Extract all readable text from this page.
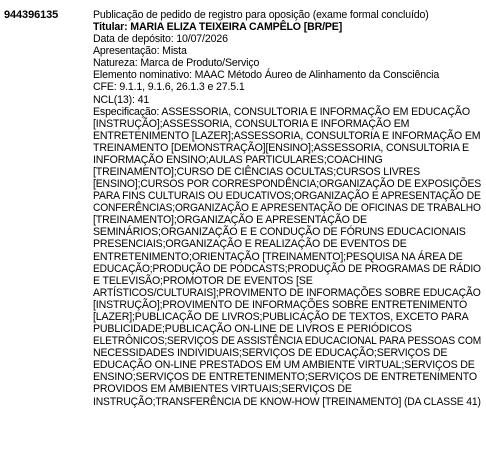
944396135	Publicação de pedido de registro para oposição (exame formal concluído)
Titular: MARIA ELIZA TEIXEIRA CAMPÊLO [BR/PE]
Data de depósito: 10/07/2026
Apresentação: Mista
Natureza: Marca de Produto/Serviço
Elemento nominativo: MAAC Método Áureo de Alinhamento da Consciência
CFE: 9.1.1, 9.1.6, 26.1.3 e 27.5.1
NCL(13): 41
Especificação: ASSESSORIA, CONSULTORIA E INFORMAÇÃO EM EDUCAÇÃO
[INSTRUÇÃO];ASSESSORIA, CONSULTORIA E INFORMAÇÃO EM
ENTRETENIMENTO [LAZER];ASSESSORIA, CONSULTORIA E INFORMAÇÃO EM
TREINAMENTO [DEMONSTRAÇÃO][ENSINO];ASSESSORIA, CONSULTORIA E
INFORMAÇÃO ENSINO;AULAS PARTICULARES;COACHING
[TREINAMENTO];CURSO DE CIÊNCIAS OCULTAS;CURSOS LIVRES
[ENSINO];CURSOS POR CORRESPONDÊNCIA;ORGANIZAÇÃO DE EXPOSIÇÕES
PARA FINS CULTURAIS OU EDUCATIVOS;ORGANIZAÇÃO E APRESENTAÇÃO DE
CONFERÊNCIAS;ORGANIZAÇÃO E APRESENTAÇÃO DE OFICINAS DE TRABALHO
[TREINAMENTO];ORGANIZAÇÃO E APRESENTAÇÃO DE
SEMINÁRIOS;ORGANIZAÇÃO E E CONDUÇÃO DE FÓRUNS EDUCACIONAIS
PRESENCIAIS;ORGANIZAÇÃO E REALIZAÇÃO DE EVENTOS DE
ENTRETENIMENTO;ORIENTAÇÃO [TREINAMENTO];PESQUISA NA ÁREA DE
EDUCAÇÃO;PRODUÇÃO DE PODCASTS;PRODUÇÃO DE PROGRAMAS DE RÁDIO
E TELEVISÃO;PROMOTOR DE EVENTOS [SE
ARTÍSTICOS/CULTURAIS];PROVIMENTO DE INFORMAÇÕES SOBRE EDUCAÇÃO
[INSTRUÇÃO];PROVIMENTO DE INFORMAÇÕES SOBRE ENTRETENIMENTO
[LAZER];PUBLICAÇÃO DE LIVROS;PUBLICAÇÃO DE TEXTOS, EXCETO PARA
PUBLICIDADE;PUBLICAÇÃO ON-LINE DE LIVROS E PERIÓDICOS
ELETRÔNICOS;SERVIÇOS DE ASSISTÊNCIA EDUCACIONAL PARA PESSOAS COM
NECESSIDADES INDIVIDUAIS;SERVIÇOS DE EDUCAÇÃO;SERVIÇOS DE
EDUCAÇÃO ON-LINE PRESTADOS EM UM AMBIENTE VIRTUAL;SERVIÇOS DE
ENSINO;SERVIÇOS DE ENTRETENIMENTO;SERVIÇOS DE ENTRETENIMENTO
PROVIDOS EM AMBIENTES VIRTUAIS;SERVIÇOS DE
INSTRUÇÃO;TRANSFERÊNCIA DE KNOW-HOW [TREINAMENTO] (DA CLASSE 41)
